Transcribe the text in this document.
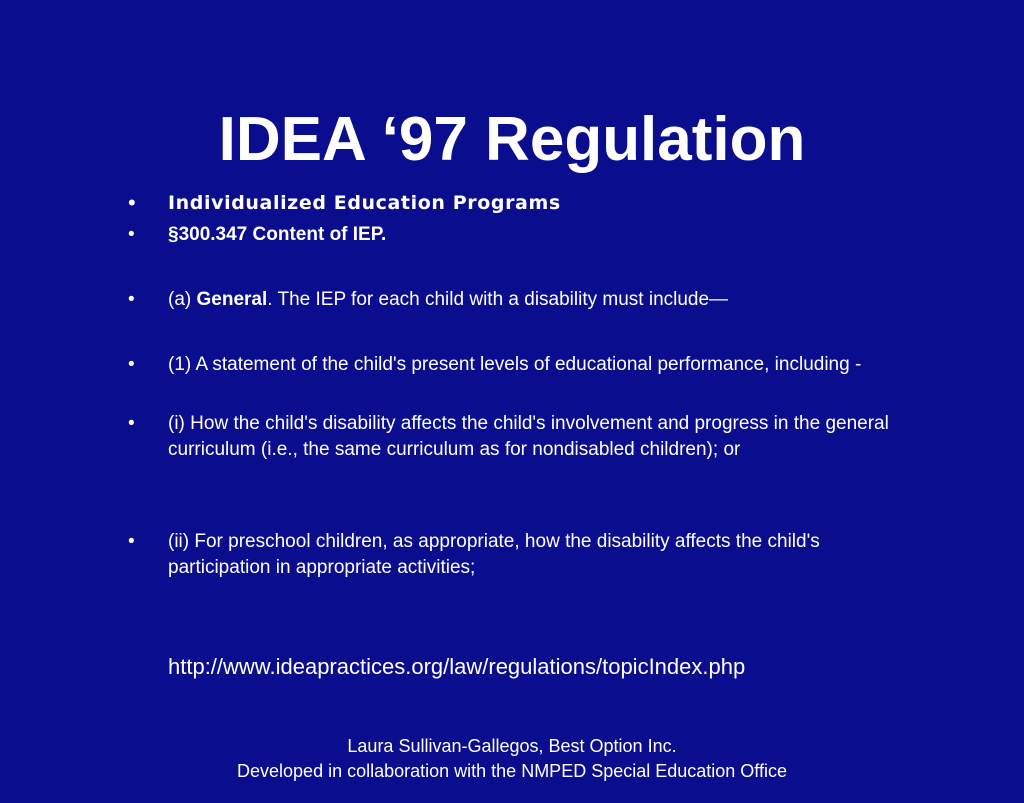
IDEA ‘97 Regulation
•	Individualized Education Programs
•	§300.347 Content of IEP.
•	(a) General. The IEP for each child with a disability must include—
•	(1) A statement of the child's present levels of educational performance, including -
•	(i) How the child's disability affects the child's involvement and progress in the general curriculum (i.e., the same curriculum as for nondisabled children); or
•	(ii) For preschool children, as appropriate, how the disability affects the child's participation in appropriate activities;
http://www.ideapractices.org/law/regulations/topicIndex.php
Laura Sullivan-Gallegos, Best Option Inc.
Developed in collaboration with the NMPED Special Education Office
